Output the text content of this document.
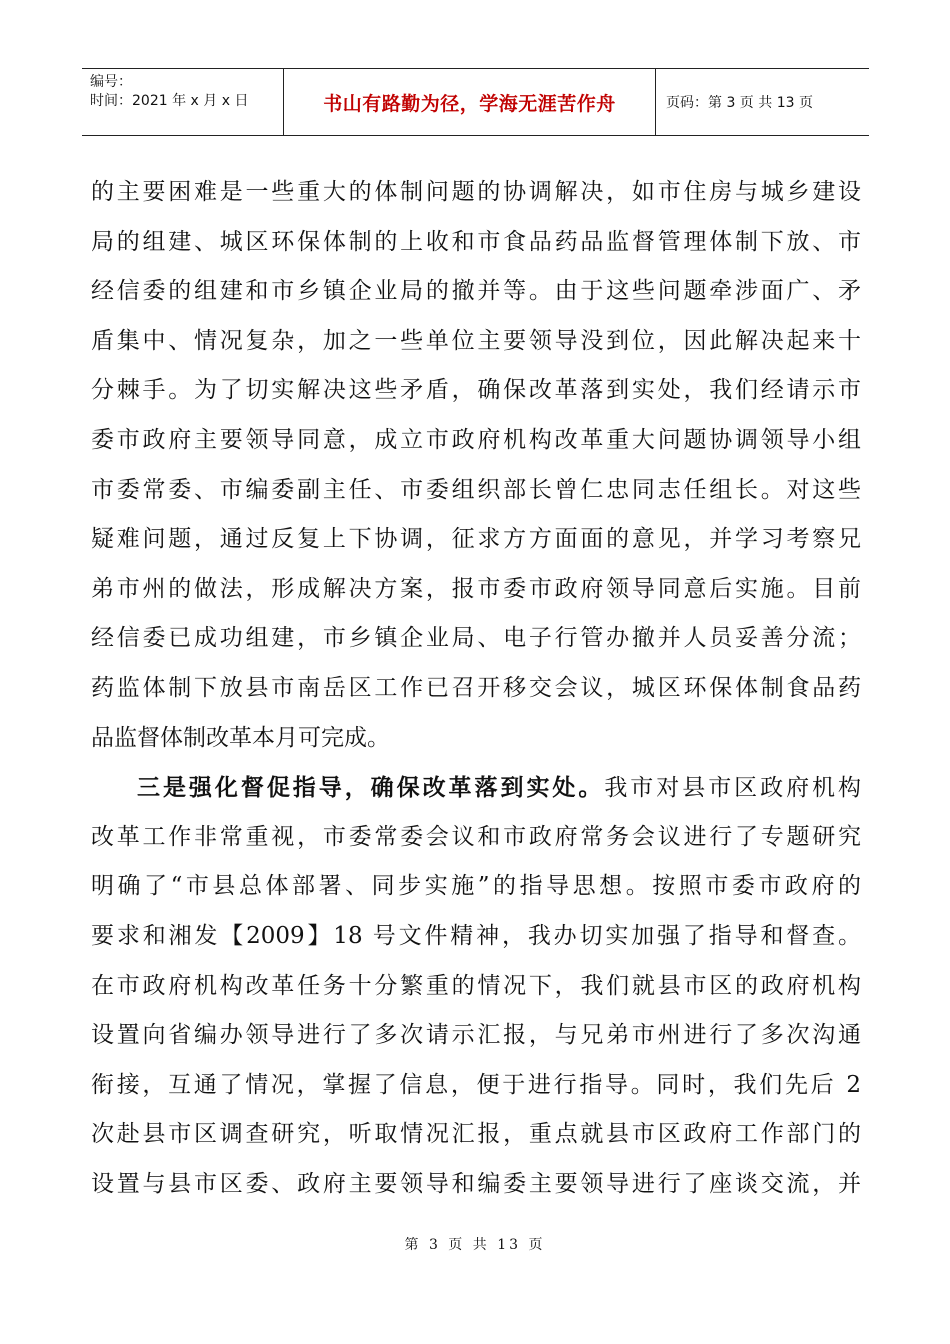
编号：
时间：2021 年 x 月 x 日	书山有路勤为径，学海无涯苦作舟	页码：第 3 页 共 13 页
的主要困难是一些重大的体制问题的协调解决，如市住房与城乡建设
局的组建、城区环保体制的上收和市食品药品监督管理体制下放、市
经信委的组建和市乡镇企业局的撤并等。由于这些问题牵涉面广、矛
盾集中、情况复杂，加之一些单位主要领导没到位，因此解决起来十
分棘手。为了切实解决这些矛盾，确保改革落到实处，我们经请示市
委市政府主要领导同意，成立市政府机构改革重大问题协调领导小组
市委常委、市编委副主任、市委组织部长曾仁忠同志任组长。对这些
疑难问题，通过反复上下协调，征求方方面面的意见，并学习考察兄
弟市州的做法，形成解决方案，报市委市政府领导同意后实施。目前
经信委已成功组建，市乡镇企业局、电子行管办撤并人员妥善分流；
药监体制下放县市南岳区工作已召开移交会议，城区环保体制食品药
品监督体制改革本月可完成。
三是强化督促指导，确保改革落到实处。我市对县市区政府机构
改革工作非常重视，市委常委会议和市政府常务会议进行了专题研究
明确了“市县总体部署、同步实施”的指导思想。按照市委市政府的
要求和湘发【2009】18 号文件精神，我办切实加强了指导和督查。
在市政府机构改革任务十分繁重的情况下，我们就县市区的政府机构
设置向省编办领导进行了多次请示汇报，与兄弟市州进行了多次沟通
衔接，互通了情况，掌握了信息，便于进行指导。同时，我们先后 2
次赴县市区调查研究，听取情况汇报，重点就县市区政府工作部门的
设置与县市区委、政府主要领导和编委主要领导进行了座谈交流，并
第 3 页 共 13 页
